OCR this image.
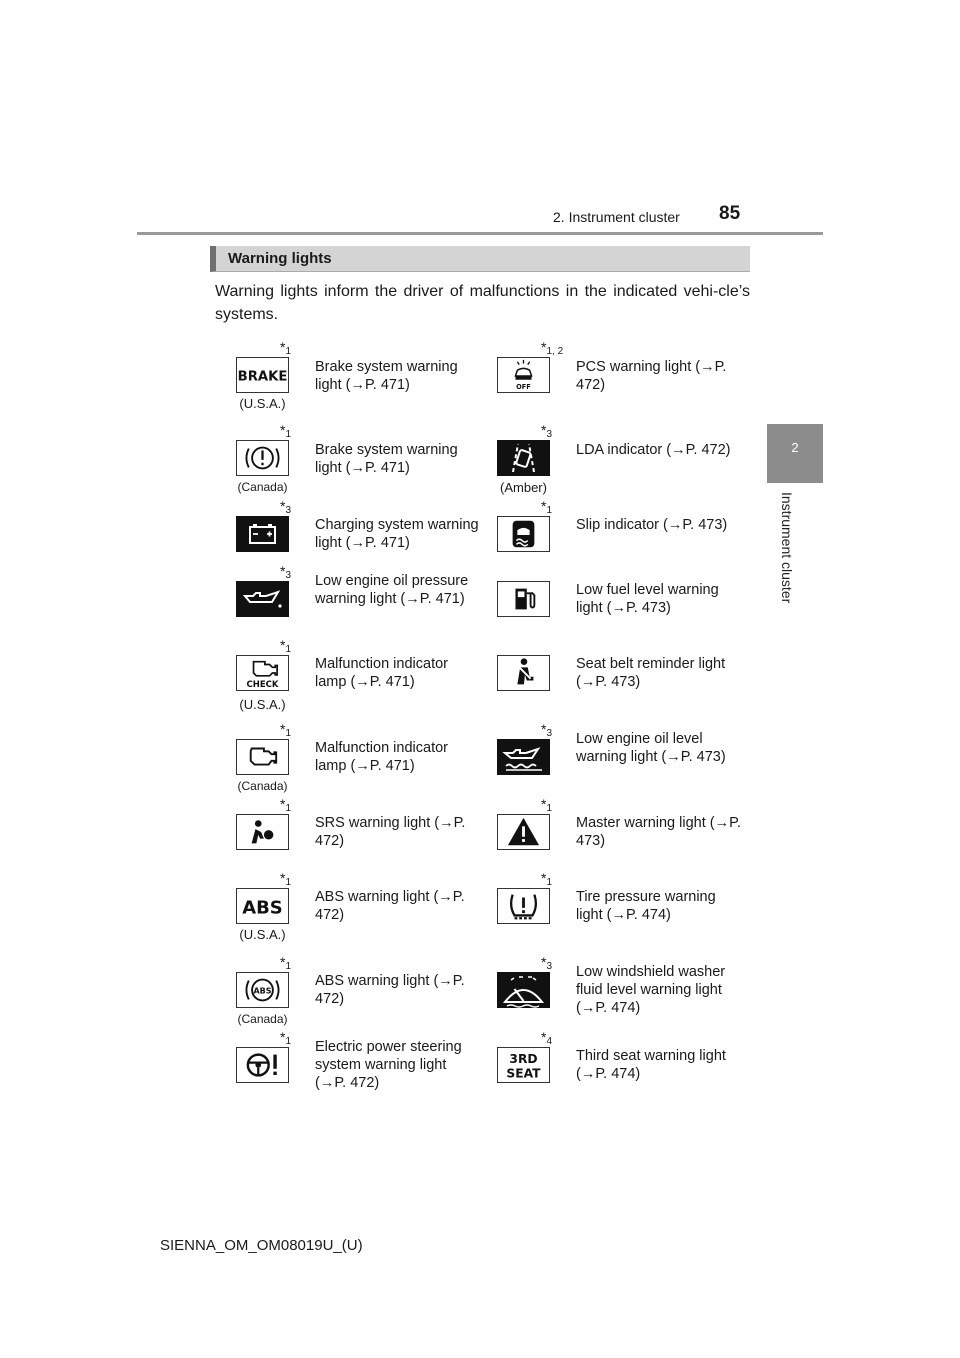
2. Instrument cluster 85
2
Instrument cluster
Warning lights
Warning lights inform the driver of malfunctions in the indicated vehi-cle’s systems.
$*_1$
BRAKE
(U.S.A.)
Brake system warning light (→P. 471)
$*_1$
(Canada)
Brake system warning light (→P. 471)
$*_3$
Charging system warning light (→P. 471)
$*_3$ Low engine oil pressure warning light (→P. 471)
$*_1$
CHECK
(U.S.A.)
Malfunction indicator lamp (→P. 471)
$*_1$
(Canada)
Malfunction indicator lamp (→P. 471)
$*_1$
SRS warning light (→P. 472)
$*_1$
ABS
(U.S.A.)
ABS warning light (→P. 472)
$*_1$
ABS
(Canada)
ABS warning light (→P. 472)
$*_1$ Electric power steering system warning light (→P. 472)
$*_{1, 2}$
OFF
PCS warning light (→P. 472)
$*_3$
(Amber)
LDA indicator (→P. 472)
$*_1$
Slip indicator (→P. 473)
Low fuel level warning light (→P. 473)
Seat belt reminder light (→P. 473)
$*_3$ Low engine oil level warning light (→P. 473)
$*_1$
Master warning light (→P. 473)
$*_1$
Tire pressure warning light (→P. 474)
$*_3$ Low windshield washer fluid level warning light (→P. 474)
$*_4$
3RD
SEAT
Third seat warning light (→P. 474)
SIENNA_OM_OM08019U_(U)
